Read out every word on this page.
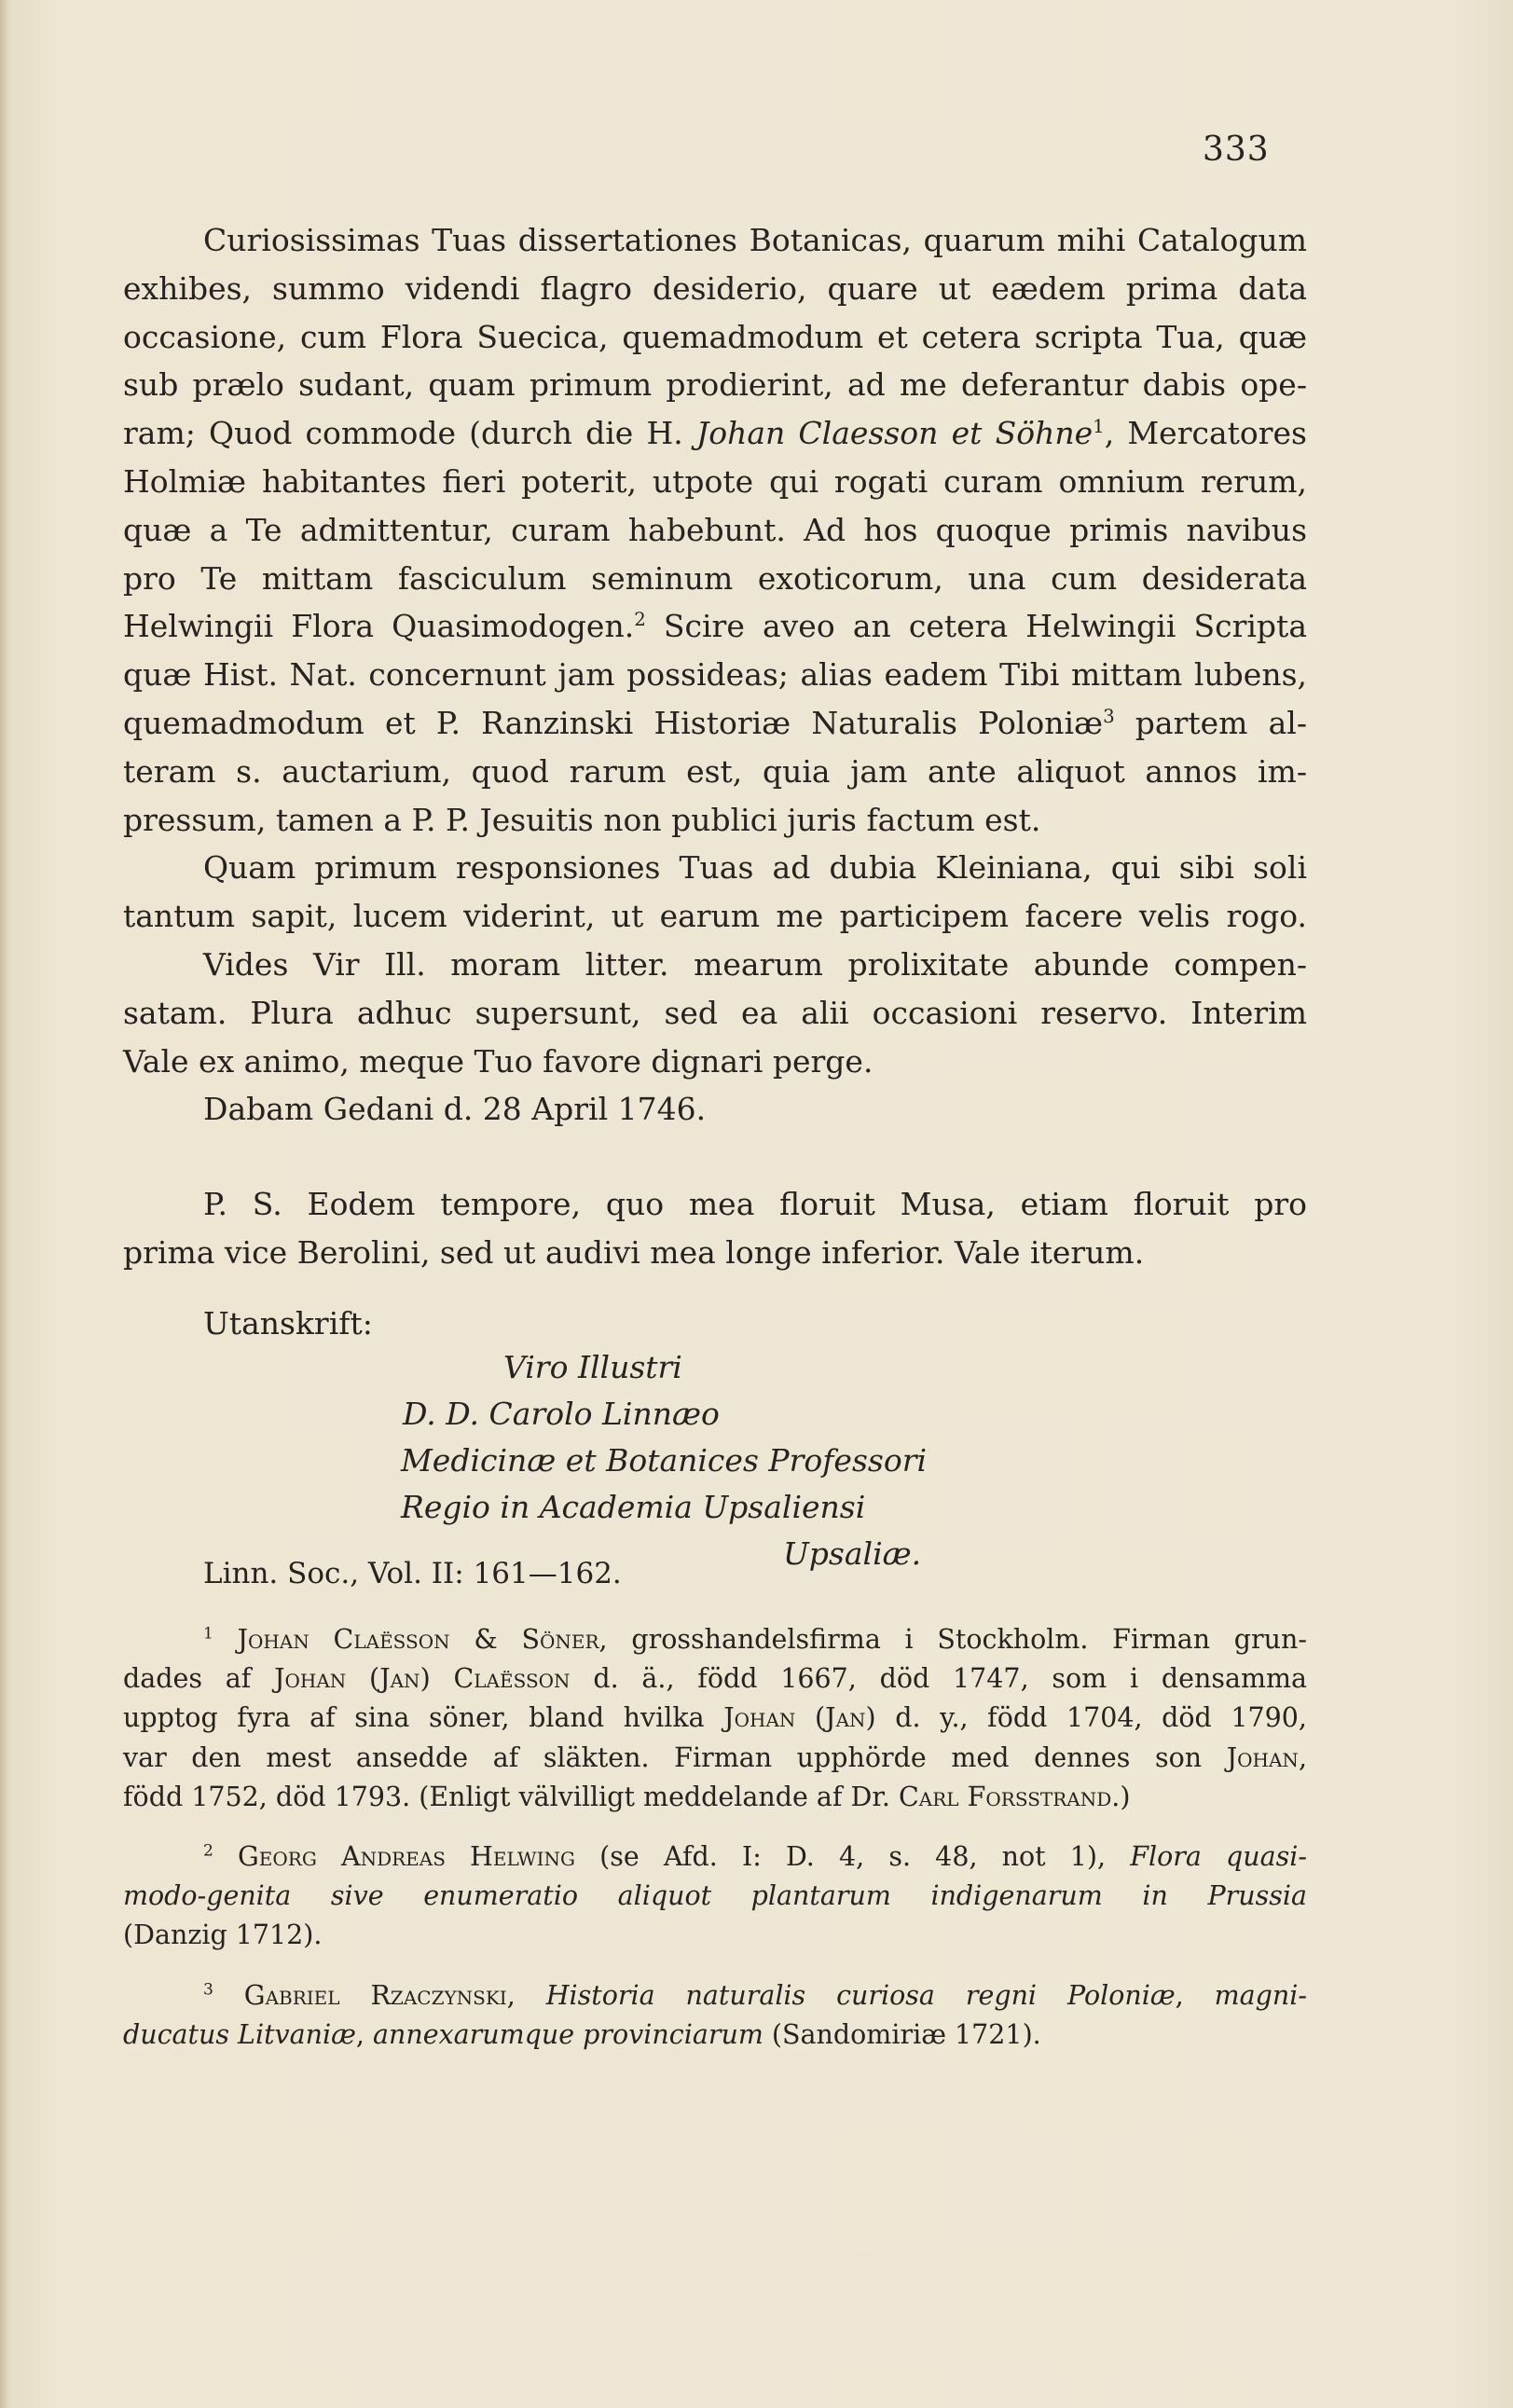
333
Curiosissimas Tuas dissertationes Botanicas, quarum mihi Catalogum
exhibes, summo videndi flagro desiderio, quare ut eædem prima data
occasione, cum Flora Suecica, quemadmodum et cetera scripta Tua, quæ
sub prælo sudant, quam primum prodierint, ad me deferantur dabis ope-
ram; Quod commode (durch die H. Johan Claesson et Söhne$^1$, Mercatores
Holmiæ habitantes fieri poterit, utpote qui rogati curam omnium rerum,
quæ a Te admittentur, curam habebunt. Ad hos quoque primis navibus
pro Te mittam fasciculum seminum exoticorum, una cum desiderata
Helwingii Flora Quasimodogen.$^2$ Scire aveo an cetera Helwingii Scripta
quæ Hist. Nat. concernunt jam possideas; alias eadem Tibi mittam lubens,
quemadmodum et P. Ranzinski Historiæ Naturalis Poloniæ$^3$ partem al-
teram s. auctarium, quod rarum est, quia jam ante aliquot annos im-
pressum, tamen a P. P. Jesuitis non publici juris factum est.
Quam primum responsiones Tuas ad dubia Kleiniana, qui sibi soli
tantum sapit, lucem viderint, ut earum me participem facere velis rogo.
Vides Vir Ill. moram litter. mearum prolixitate abunde compen-
satam. Plura adhuc supersunt, sed ea alii occasioni reservo. Interim
Vale ex animo, meque Tuo favore dignari perge.
Dabam Gedani d. 28 April 1746.
P. S. Eodem tempore, quo mea floruit Musa, etiam floruit pro
prima vice Berolini, sed ut audivi mea longe inferior. Vale iterum.
Utanskrift:
Viro Illustri
D. D. Carolo Linnæo
Medicinæ et Botanices Professori
Regio in Academia Upsaliensi
Upsaliæ.
Linn. Soc., Vol. II: 161—162.
$^1$ Johan Claësson & Söner, grosshandelsfirma i Stockholm. Firman grun-
dades af Johan (Jan) Claësson d. ä., född 1667, död 1747, som i densamma
upptog fyra af sina söner, bland hvilka Johan (Jan) d. y., född 1704, död 1790,
var den mest ansedde af släkten. Firman upphörde med dennes son Johan,
född 1752, död 1793. (Enligt välvilligt meddelande af Dr. Carl Forsstrand.)
$^2$ Georg Andreas Helwing (se Afd. I: D. 4, s. 48, not 1), Flora quasi-
modo-genita sive enumeratio aliquot plantarum indigenarum in Prussia
(Danzig 1712).
$^3$ Gabriel Rzaczynski, Historia naturalis curiosa regni Poloniæ, magni-
ducatus Litvaniæ, annexarumque provinciarum (Sandomiriæ 1721).
